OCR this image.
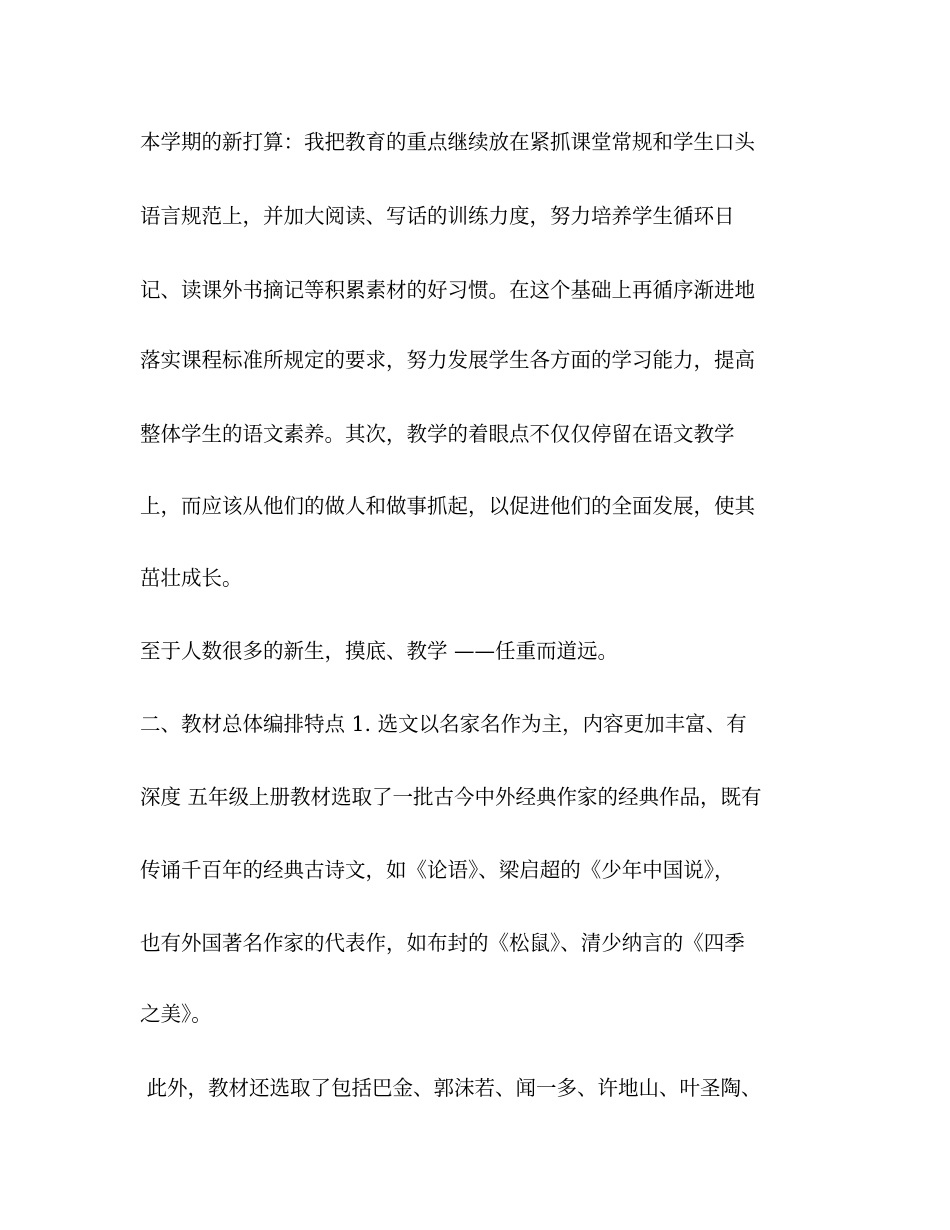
本学期的新打算：我把教育的重点继续放在紧抓课堂常规和学生口头
语言规范上，并加大阅读、写话的训练力度，努力培养学生循环日
记、读课外书摘记等积累素材的好习惯。在这个基础上再循序渐进地
落实课程标准所规定的要求，努力发展学生各方面的学习能力，提高
整体学生的语文素养。其次，教学的着眼点不仅仅停留在语文教学
上，而应该从他们的做人和做事抓起，以促进他们的全面发展，使其
茁壮成长。
至于人数很多的新生，摸底、教学 ——任重而道远。
二、教材总体编排特点 1. 选文以名家名作为主，内容更加丰富、有
深度 五年级上册教材选取了一批古今中外经典作家的经典作品，既有
传诵千百年的经典古诗文，如《论语》、梁启超的《少年中国说》，
也有外国著名作家的代表作，如布封的《松鼠》、清少纳言的《四季
之美》。
此外，教材还选取了包括巴金、郭沫若、闻一多、许地山、叶圣陶、
